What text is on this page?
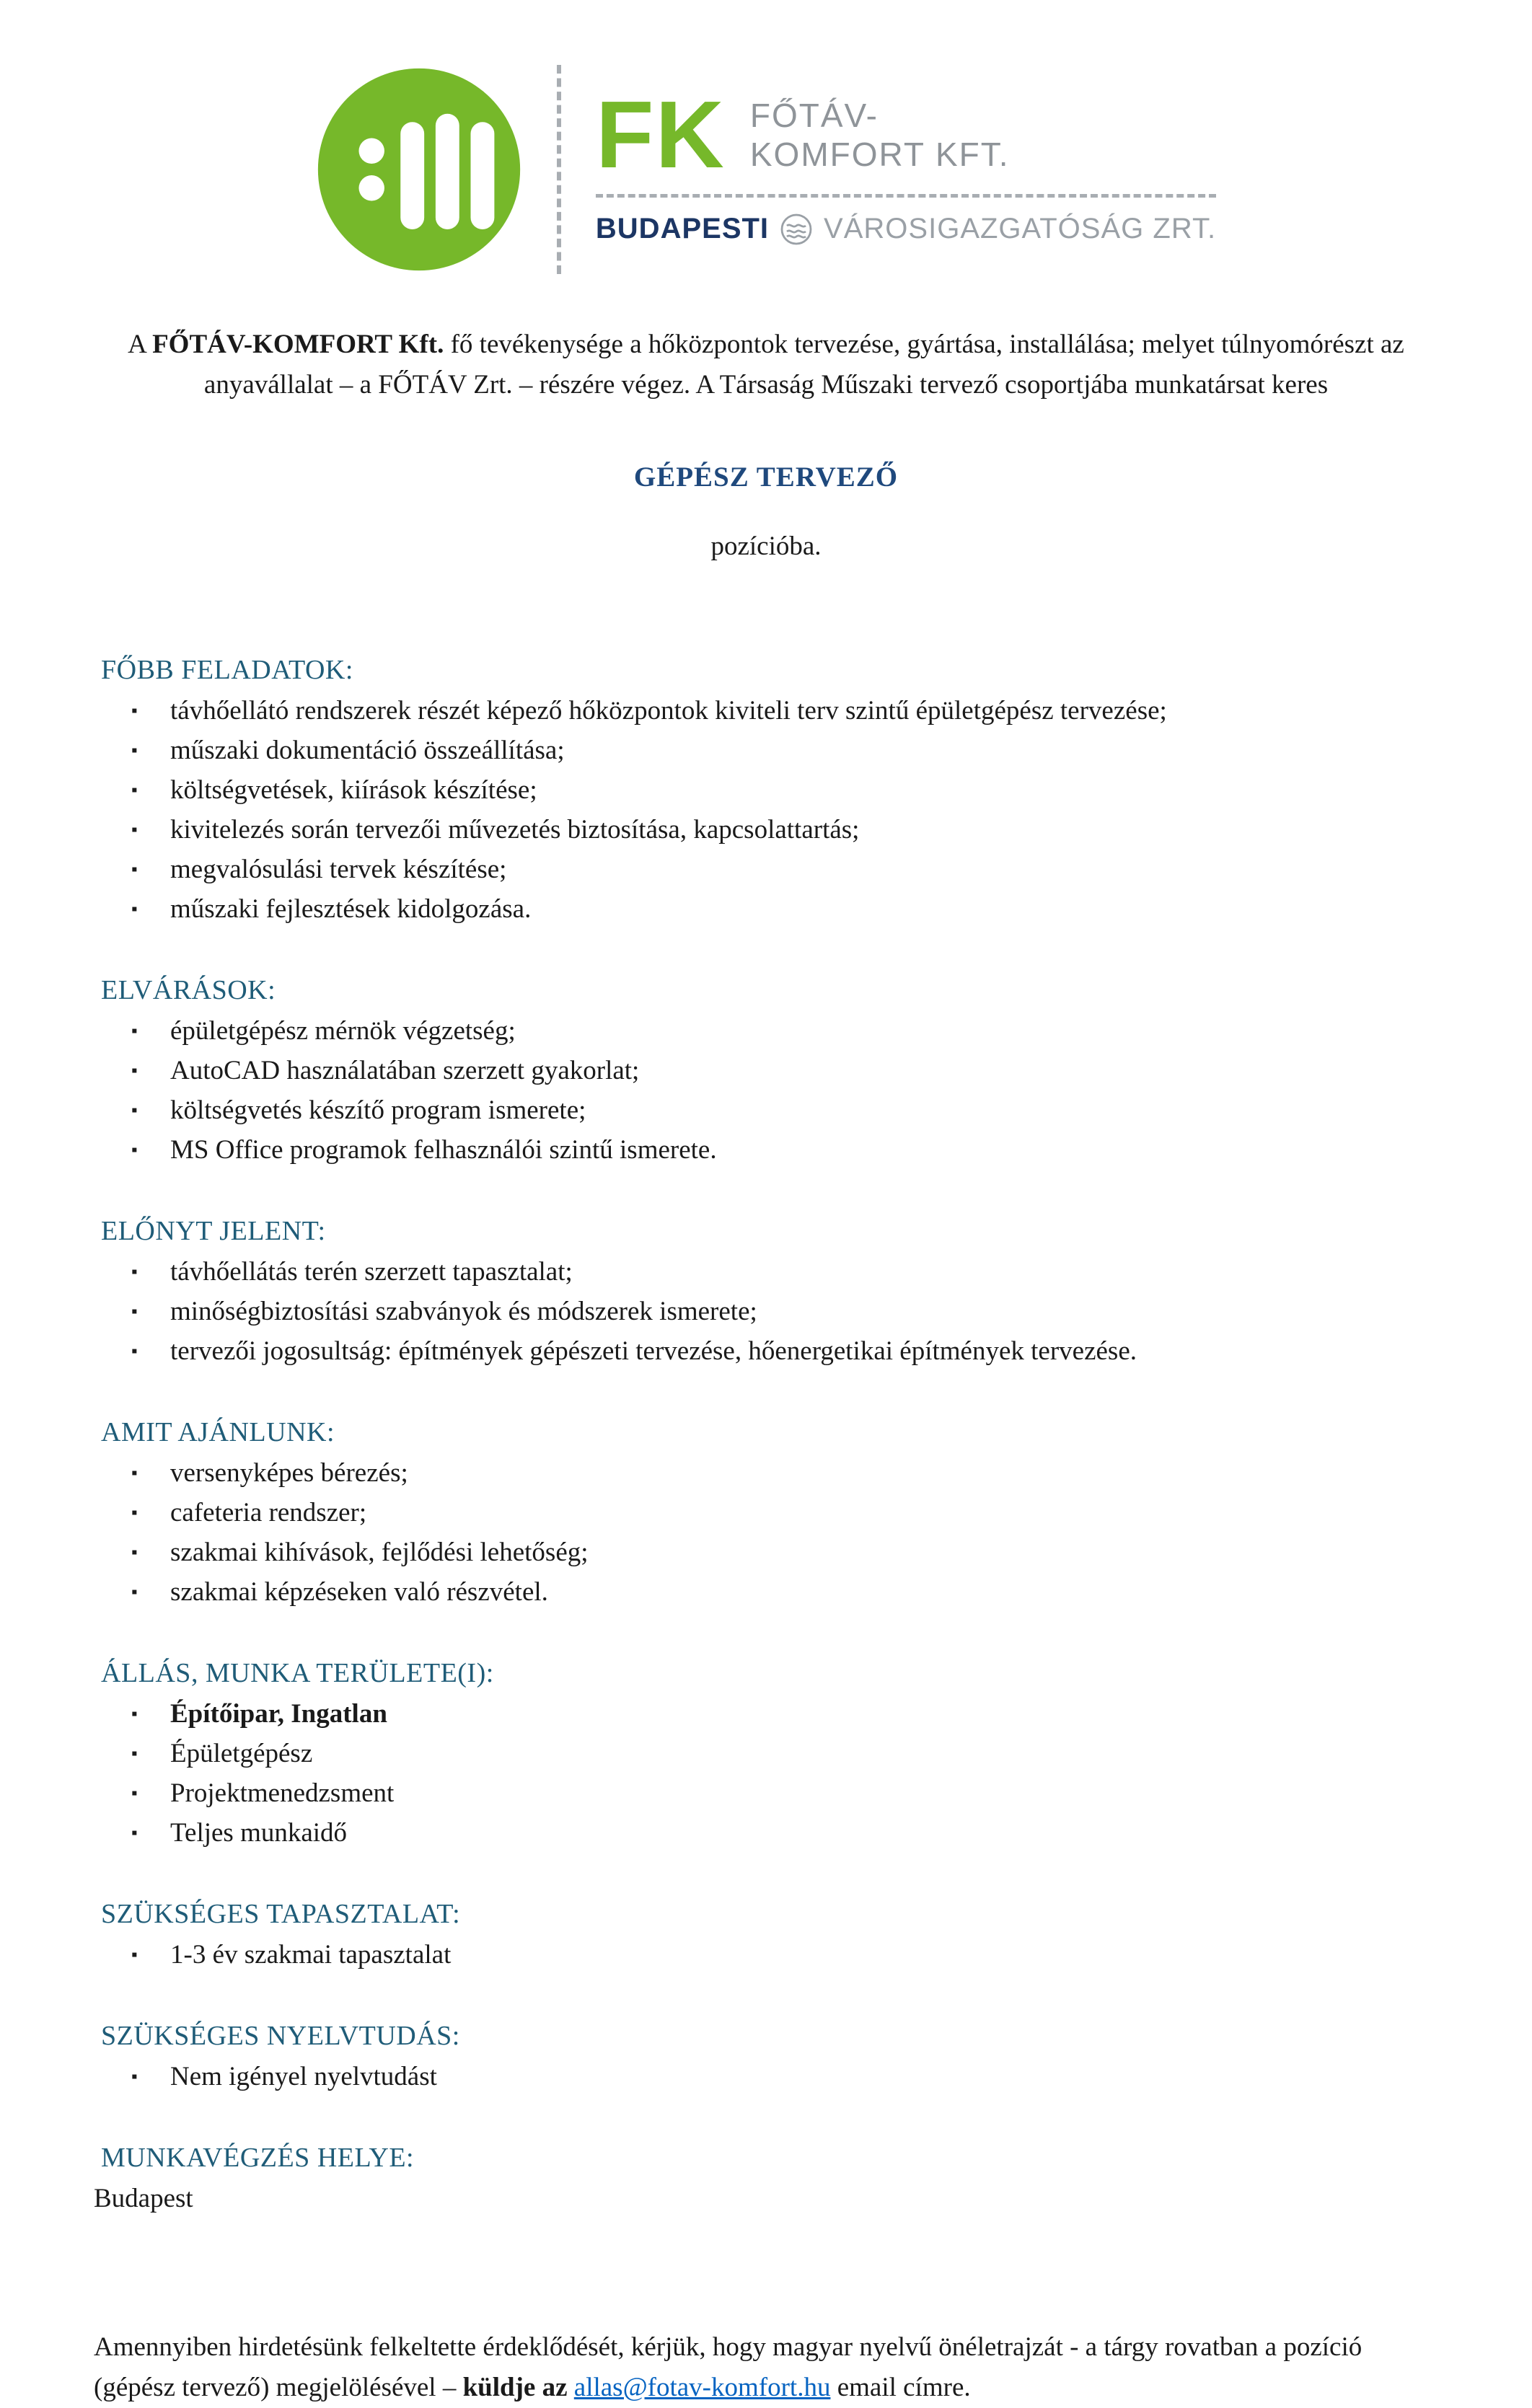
FK FŐTÁV-
KOMFORT KFT.
BUDAPESTI VÁROSIGAZGATÓSÁG ZRT.

A FŐTÁV-KOMFORT Kft. fő tevékenysége a hőközpontok tervezése, gyártása, installálása; melyet túlnyomórészt az anyavállalat – a FŐTÁV Zrt. – részére végez. A Társaság Műszaki tervező csoportjába munkatársat keres

GÉPÉSZ TERVEZŐ
pozícióba.
FŐBB FELADATOK:
▪	távhőellátó rendszerek részét képező hőközpontok kiviteli terv szintű épületgépész tervezése;
▪	műszaki dokumentáció összeállítása;
▪	költségvetések, kiírások készítése;
▪	kivitelezés során tervezői művezetés biztosítása, kapcsolattartás;
▪	megvalósulási tervek készítése;
▪	műszaki fejlesztések kidolgozása.
ELVÁRÁSOK:
▪	épületgépész mérnök végzetség;
▪	AutoCAD használatában szerzett gyakorlat;
▪	költségvetés készítő program ismerete;
▪	MS Office programok felhasználói szintű ismerete.
ELŐNYT JELENT:
▪	távhőellátás terén szerzett tapasztalat;
▪	minőségbiztosítási szabványok és módszerek ismerete;
▪	tervezői jogosultság: építmények gépészeti tervezése, hőenergetikai építmények tervezése.
AMIT AJÁNLUNK:
▪	versenyképes bérezés;
▪	cafeteria rendszer;
▪	szakmai kihívások, fejlődési lehetőség;
▪	szakmai képzéseken való részvétel.
ÁLLÁS, MUNKA TERÜLETE(I):
▪	Építőipar, Ingatlan
▪	Épületgépész
▪	Projektmenedzsment
▪	Teljes munkaidő
SZÜKSÉGES TAPASZTALAT:
▪	1-3 év szakmai tapasztalat
SZÜKSÉGES NYELVTUDÁS:
▪	Nem igényel nyelvtudást
MUNKAVÉGZÉS HELYE:

Budapest

Amennyiben hirdetésünk felkeltette érdeklődését, kérjük, hogy magyar nyelvű önéletrajzát - a tárgy rovatban a pozíció (gépész tervező) megjelölésével – küldje az allas@fotav-komfort.hu email címre.
